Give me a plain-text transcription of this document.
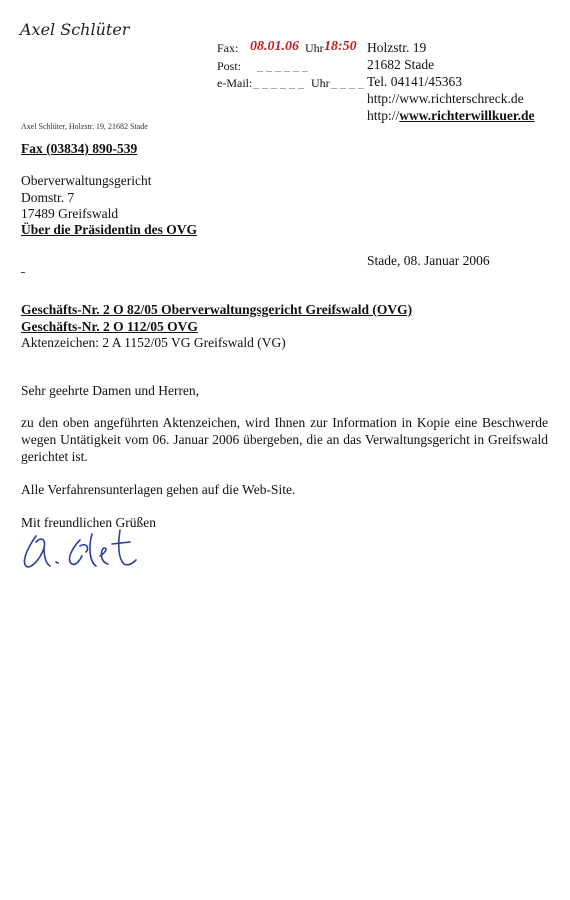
Axel Schlüter
Fax: 08.01.06 Uhr 18:50
Post: _ _ _ _ _ _
e-Mail: _ _ _ _ _ _ Uhr _ _ _ _
Holzstr. 19
21682 Stade
Tel. 04141/45363
http://www.richterschreck.de
http://www.richterwillkuer.de
Axel Schlüter, Holzstr. 19, 21682 Stade
Fax (03834) 890-539
Oberverwaltungsgericht
Domstr. 7
17489 Greifswald
Über die Präsidentin des OVG
Stade, 08. Januar 2006
Geschäfts-Nr. 2 O 82/05 Oberverwaltungsgericht Greifswald (OVG)
Geschäfts-Nr. 2 O 112/05 OVG
Aktenzeichen: 2 A 1152/05 VG Greifswald (VG)
Sehr geehrte Damen und Herren,
zu den oben angeführten Aktenzeichen, wird Ihnen zur Information in Kopie eine Beschwerde wegen Untätigkeit vom 06. Januar 2006 übergeben, die an das Verwaltungsgericht in Greifswald gerichtet ist.
Alle Verfahrensunterlagen gehen auf die Web-Site.
Mit freundlichen Grüßen
